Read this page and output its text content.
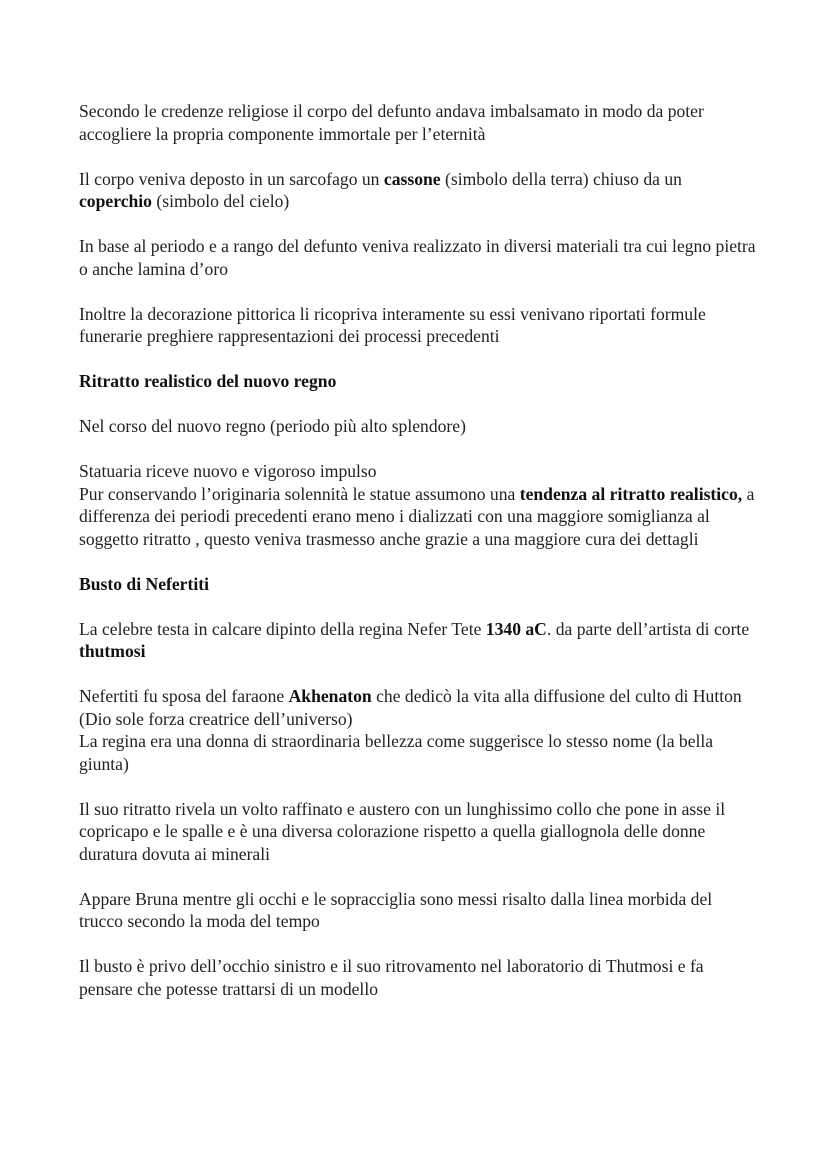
Secondo le credenze religiose il corpo del defunto andava imbalsamato in modo da poter accogliere la propria componente immortale per l’eternità

Il corpo veniva deposto in un sarcofago un cassone (simbolo della terra) chiuso da un coperchio (simbolo del cielo)

In base al periodo e a rango del defunto veniva realizzato in diversi materiali tra cui legno pietra o anche lamina d’oro

Inoltre la decorazione pittorica li ricopriva interamente su essi venivano riportati formule funerarie preghiere rappresentazioni dei processi precedenti

Ritratto realistico del nuovo regno

Nel corso del nuovo regno (periodo più alto splendore)

Statuaria riceve nuovo e vigoroso impulso

Pur conservando l’originaria solennità le statue assumono una tendenza al ritratto realistico, a differenza dei periodi precedenti erano meno i dializzati con una maggiore somiglianza al soggetto ritratto , questo veniva trasmesso anche grazie a una maggiore cura dei dettagli

Busto di Nefertiti

La celebre testa in calcare dipinto della regina Nefer Tete 1340 aC. da parte dell’artista di corte thutmosi

Nefertiti fu sposa del faraone Akhenaton che dedicò la vita alla diffusione del culto di Hutton (Dio sole forza creatrice dell’universo)

La regina era una donna di straordinaria bellezza come suggerisce lo stesso nome (la bella giunta)

Il suo ritratto rivela un volto raffinato e austero con un lunghissimo collo che pone in asse il copricapo e le spalle e è una diversa colorazione rispetto a quella giallognola delle donne duratura dovuta ai minerali

Appare Bruna mentre gli occhi e le sopracciglia sono messi risalto dalla linea morbida del trucco secondo la moda del tempo

Il busto è privo dell’occhio sinistro e il suo ritrovamento nel laboratorio di Thutmosi e fa pensare che potesse trattarsi di un modello
